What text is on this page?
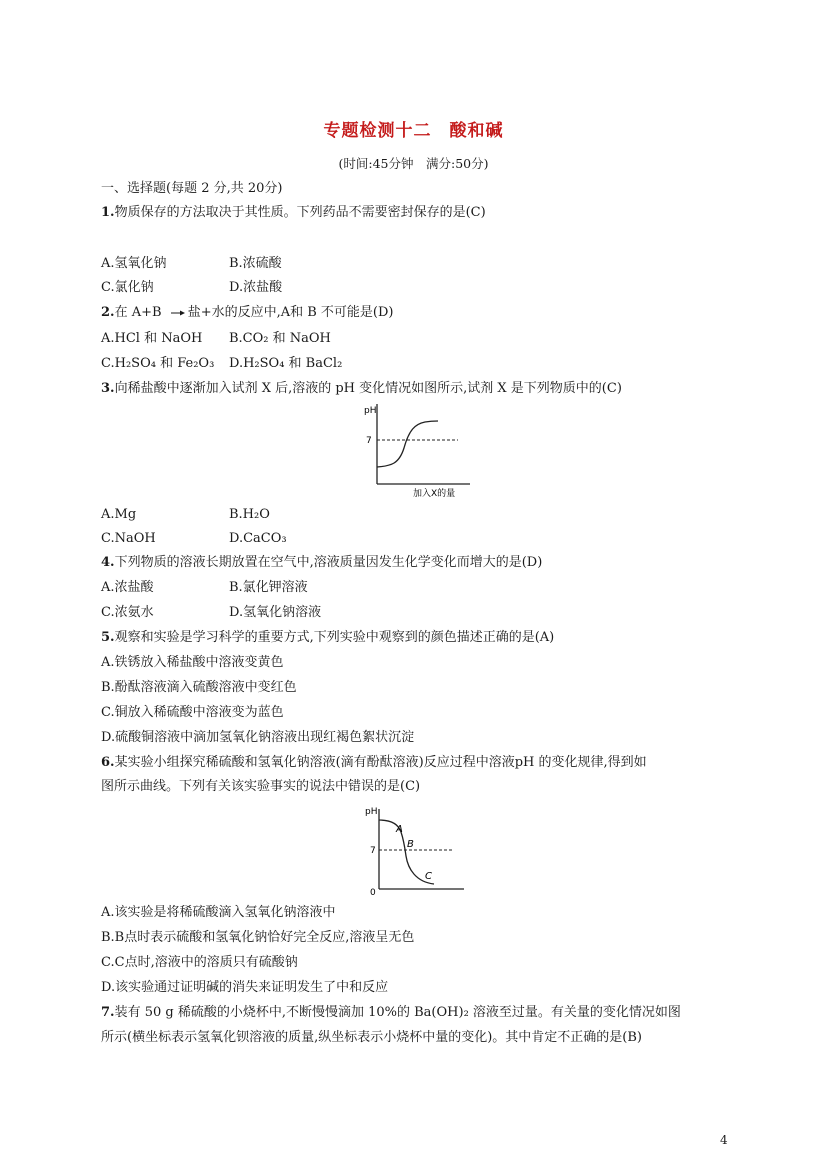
专题检测十二　酸和碱
(时间:45分钟　满分:50分)
一、选择题(每题 2 分,共 20分)
1.物质保存的方法取决于其性质。下列药品不需要密封保存的是(C)
A.氢氧化钠	B.浓硫酸
C.氯化钠	D.浓盐酸
2.在 A+B 盐+水的反应中,A和 B 不可能是(D)
A.HCl 和 NaOH B.CO₂ 和 NaOH
C.H₂SO₄ 和 Fe₂O₃ D.H₂SO₄ 和 BaCl₂
3.向稀盐酸中逐渐加入试剂 X 后,溶液的 pH 变化情况如图所示,试剂 X 是下列物质中的(C)
pH
7
加入X的量
A.Mg	B.H₂O
C.NaOH	D.CaCO₃
4.下列物质的溶液长期放置在空气中,溶液质量因发生化学变化而增大的是(D)
A.浓盐酸	B.氯化钾溶液
C.浓氨水	D.氢氧化钠溶液
5.观察和实验是学习科学的重要方式,下列实验中观察到的颜色描述正确的是(A)
A.铁锈放入稀盐酸中溶液变黄色
B.酚酞溶液滴入硫酸溶液中变红色
C.铜放入稀硫酸中溶液变为蓝色
D.硫酸铜溶液中滴加氢氧化钠溶液出现红褐色絮状沉淀
6.某实验小组探究稀硫酸和氢氧化钠溶液(滴有酚酞溶液)反应过程中溶液pH 的变化规律,得到如
图所示曲线。下列有关该实验事实的说法中错误的是(C)
pH
7
0
A
B
C
A.该实验是将稀硫酸滴入氢氧化钠溶液中
B.B点时表示硫酸和氢氧化钠恰好完全反应,溶液呈无色
C.C点时,溶液中的溶质只有硫酸钠
D.该实验通过证明碱的消失来证明发生了中和反应
7.装有 50 g 稀硫酸的小烧杯中,不断慢慢滴加 10%的 Ba(OH)₂ 溶液至过量。有关量的变化情况如图
所示(横坐标表示氢氧化钡溶液的质量,纵坐标表示小烧杯中量的变化)。其中肯定不正确的是(B)
4
